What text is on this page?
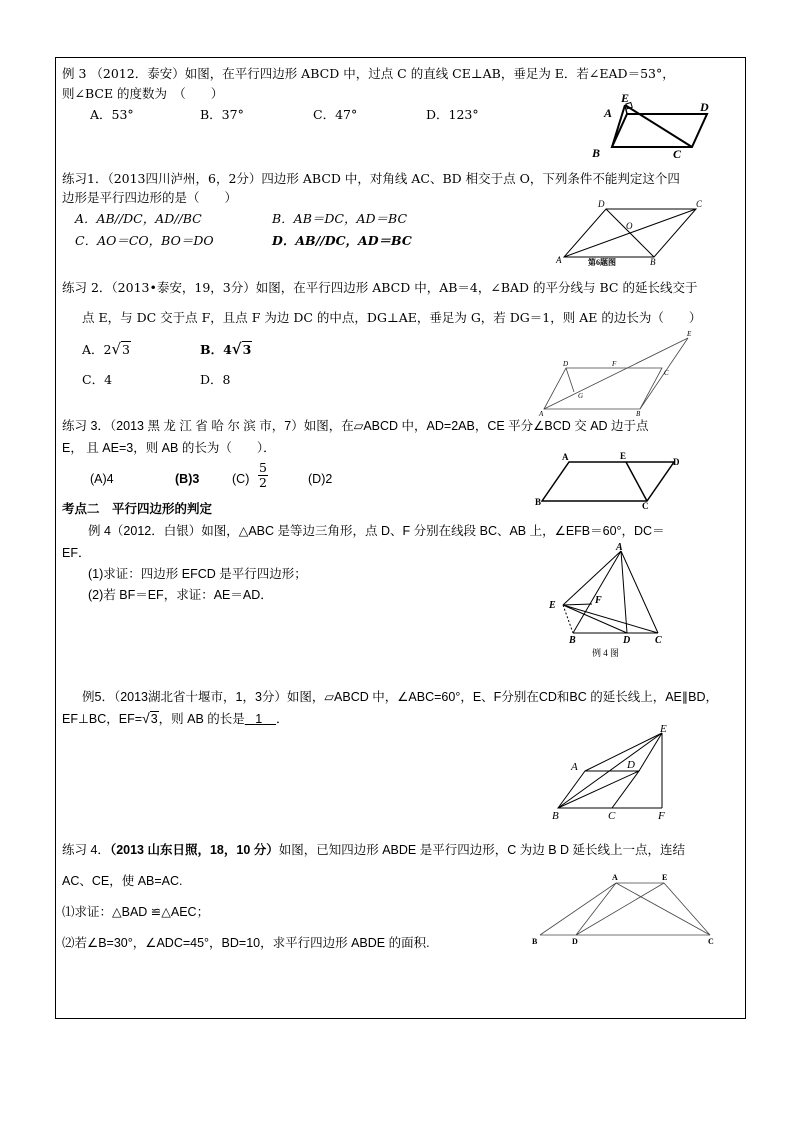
例 3 （2012．泰安）如图，在平行四边形 ABCD 中，过点 C 的直线 CE⊥AB，垂足为 E．若∠EAD＝53°，
则∠BCE 的度数为　（　　）
A．53°	B．37°	C．47°	D．123°
E
D
A
B	C
练习1．（2013四川泸州，6，2分）四边形 ABCD 中，对角线 AC、BD 相交于点 O，下列条件不能判定这个四
边形是平行四边形的是（　　）
A．AB//DC，AD//BC	B．AB＝DC，AD＝BC
C．AO＝CO，BO＝DO	D．AB//DC，AD＝BC
D	C
O
A	B
第6题图
练习 2．（2013•泰安，19，3分）如图，在平行四边形 ABCD 中，AB＝4，∠BAD 的平分线与 BC 的延长线交于
点 E，与 DC 交于点 F，且点 F 为边 DC 的中点，DG⊥AE，垂足为 G，若 DG＝1，则 AE 的边长为（　　）
A．2√3	B．4√3
C．4	D．8
E
D	F
C
G
A	B
练习 3．（2013 黑 龙 江 省 哈 尔 滨 市，7）如图，在▱ABCD 中，AD=2AB，CE 平分∠BCD 交 AD 边于点
E， 且 AE=3，则 AB 的长为（　　）．
(A)4	(B)3	$(C) \frac{5}{2}$	(D)2
A	E
D
B	C
考点二　平行四边形的判定
例 4（2012．白银）如图，△ABC 是等边三角形，点 D、F 分别在线段 BC、AB 上，∠EFB＝60°，DC＝
EF．
(1)求证：四边形 EFCD 是平行四边形；
(2)若 BF＝EF，求证：AE＝AD．
A
E	F
B	D C
例 4 图
例5．（2013湖北省十堰市，1，3分）如图，▱ABCD 中，∠ABC=60°，E、F分别在CD和BC 的延长线上，AE∥BD，
EF⊥BC，EF=√3，则 AB 的长是 1 ．
E
A	D
B	C	F
练习 4．（2013 山东日照，18，10 分）如图，已知四边形 ABDE 是平行四边形，C 为边 B D 延长线上一点，连结
AC、CE，使 AB=AC.
⑴求证：△BAD ≌△AEC；
⑵若∠B=30°，∠ADC=45°，BD=10，求平行四边形 ABDE 的面积.
A	E
B	D	C
